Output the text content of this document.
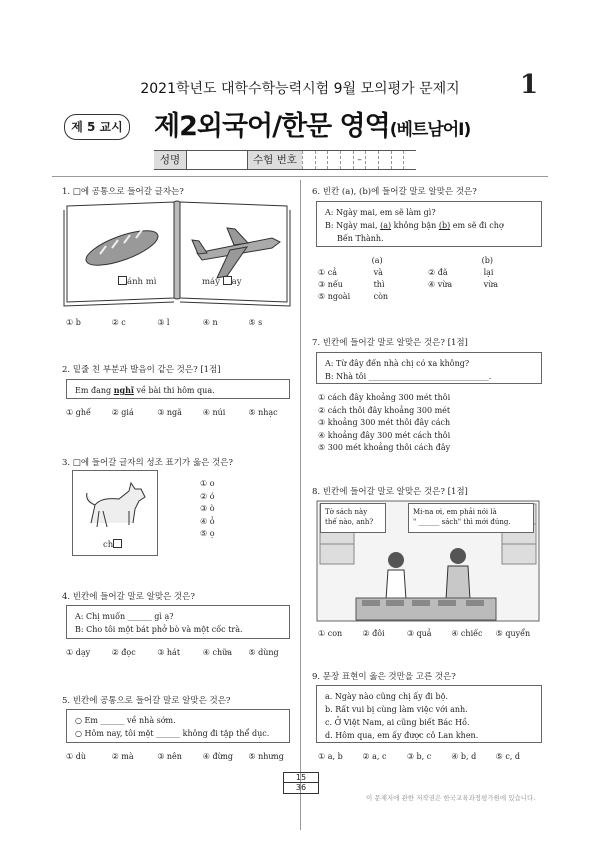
2021학년도 대학수학능력시험 9월 모의평가 문제지	1
제 5 교시 제2외국어/한문 영역(베트남어Ⅰ)
성명	수험 번호	–
1. □에 공통으로 들어갈 글자는?
ánh mì	máy ay
① b	② c	③ l	④ n	⑤ s
2. 밑줄 친 부분과 발음이 같은 것은? [1점]
Em đang nghĩ về bài thi hôm qua.
① ghế	② giá	③ ngã	④ núi	⑤ nhạc
3. □에 들어갈 글자의 성조 표기가 옳은 것은?
ch
① o
② ó
③ ò
④ ỏ
⑤ ọ
4. 빈칸에 들어갈 말로 알맞은 것은?
A: Chị muốn ______ gì ạ?
B: Cho tôi một bát phở bò và một cốc trà.
① dạy	② đọc	③ hát	④ chữa	⑤ dùng
5. 빈칸에 공통으로 들어갈 말로 알맞은 것은?
○ Em ______ về nhà sớm.
○ Hôm nay, tôi mệt ______ không đi tập thể dục.
① dù	② mà	③ nên	④ đừng	⑤ nhưng
6. 빈칸 (a), (b)에 들어갈 말로 알맞은 것은?
A: Ngày mai, em sẽ làm gì?
B: Ngày mai, (a) không bận (b) em sẽ đi chợ
Bến Thành.
(a)	(b)
① cả	và	② đã	lại
③ nếu	thì	④ vừa	vừa
⑤ ngoài	còn
7. 빈칸에 들어갈 말로 알맞은 것은? [1점]
A: Từ đây đến nhà chị có xa không?
B: Nhà tôi ______________________________.
① cách đây khoảng 300 mét thôi
② cách thôi đây khoảng 300 mét
③ khoảng 300 mét thôi đây cách
④ khoảng đây 300 mét cách thôi
⑤ 300 mét khoảng thôi cách đây
8. 빈칸에 들어갈 말로 알맞은 것은? [1점]
Tờ sách này thế nào, anh?
Mi-na ơi, em phải nói là
" ______ sách" thì mới đúng.
① con	② đôi	③ quả	④ chiếc	⑤ quyển
9. 문장 표현이 옳은 것만을 고른 것은?
a. Ngày nào cũng chị ấy đi bộ.
b. Rất vui bị cùng làm việc với anh.
c. Ở Việt Nam, ai cũng biết Bác Hồ.
d. Hôm qua, em ấy được cô Lan khen.
① a, b	② a, c	③ b, c	④ b, d	⑤ c, d
15
36
이 문제지에 관한 저작권은 한국교육과정평가원에 있습니다.
